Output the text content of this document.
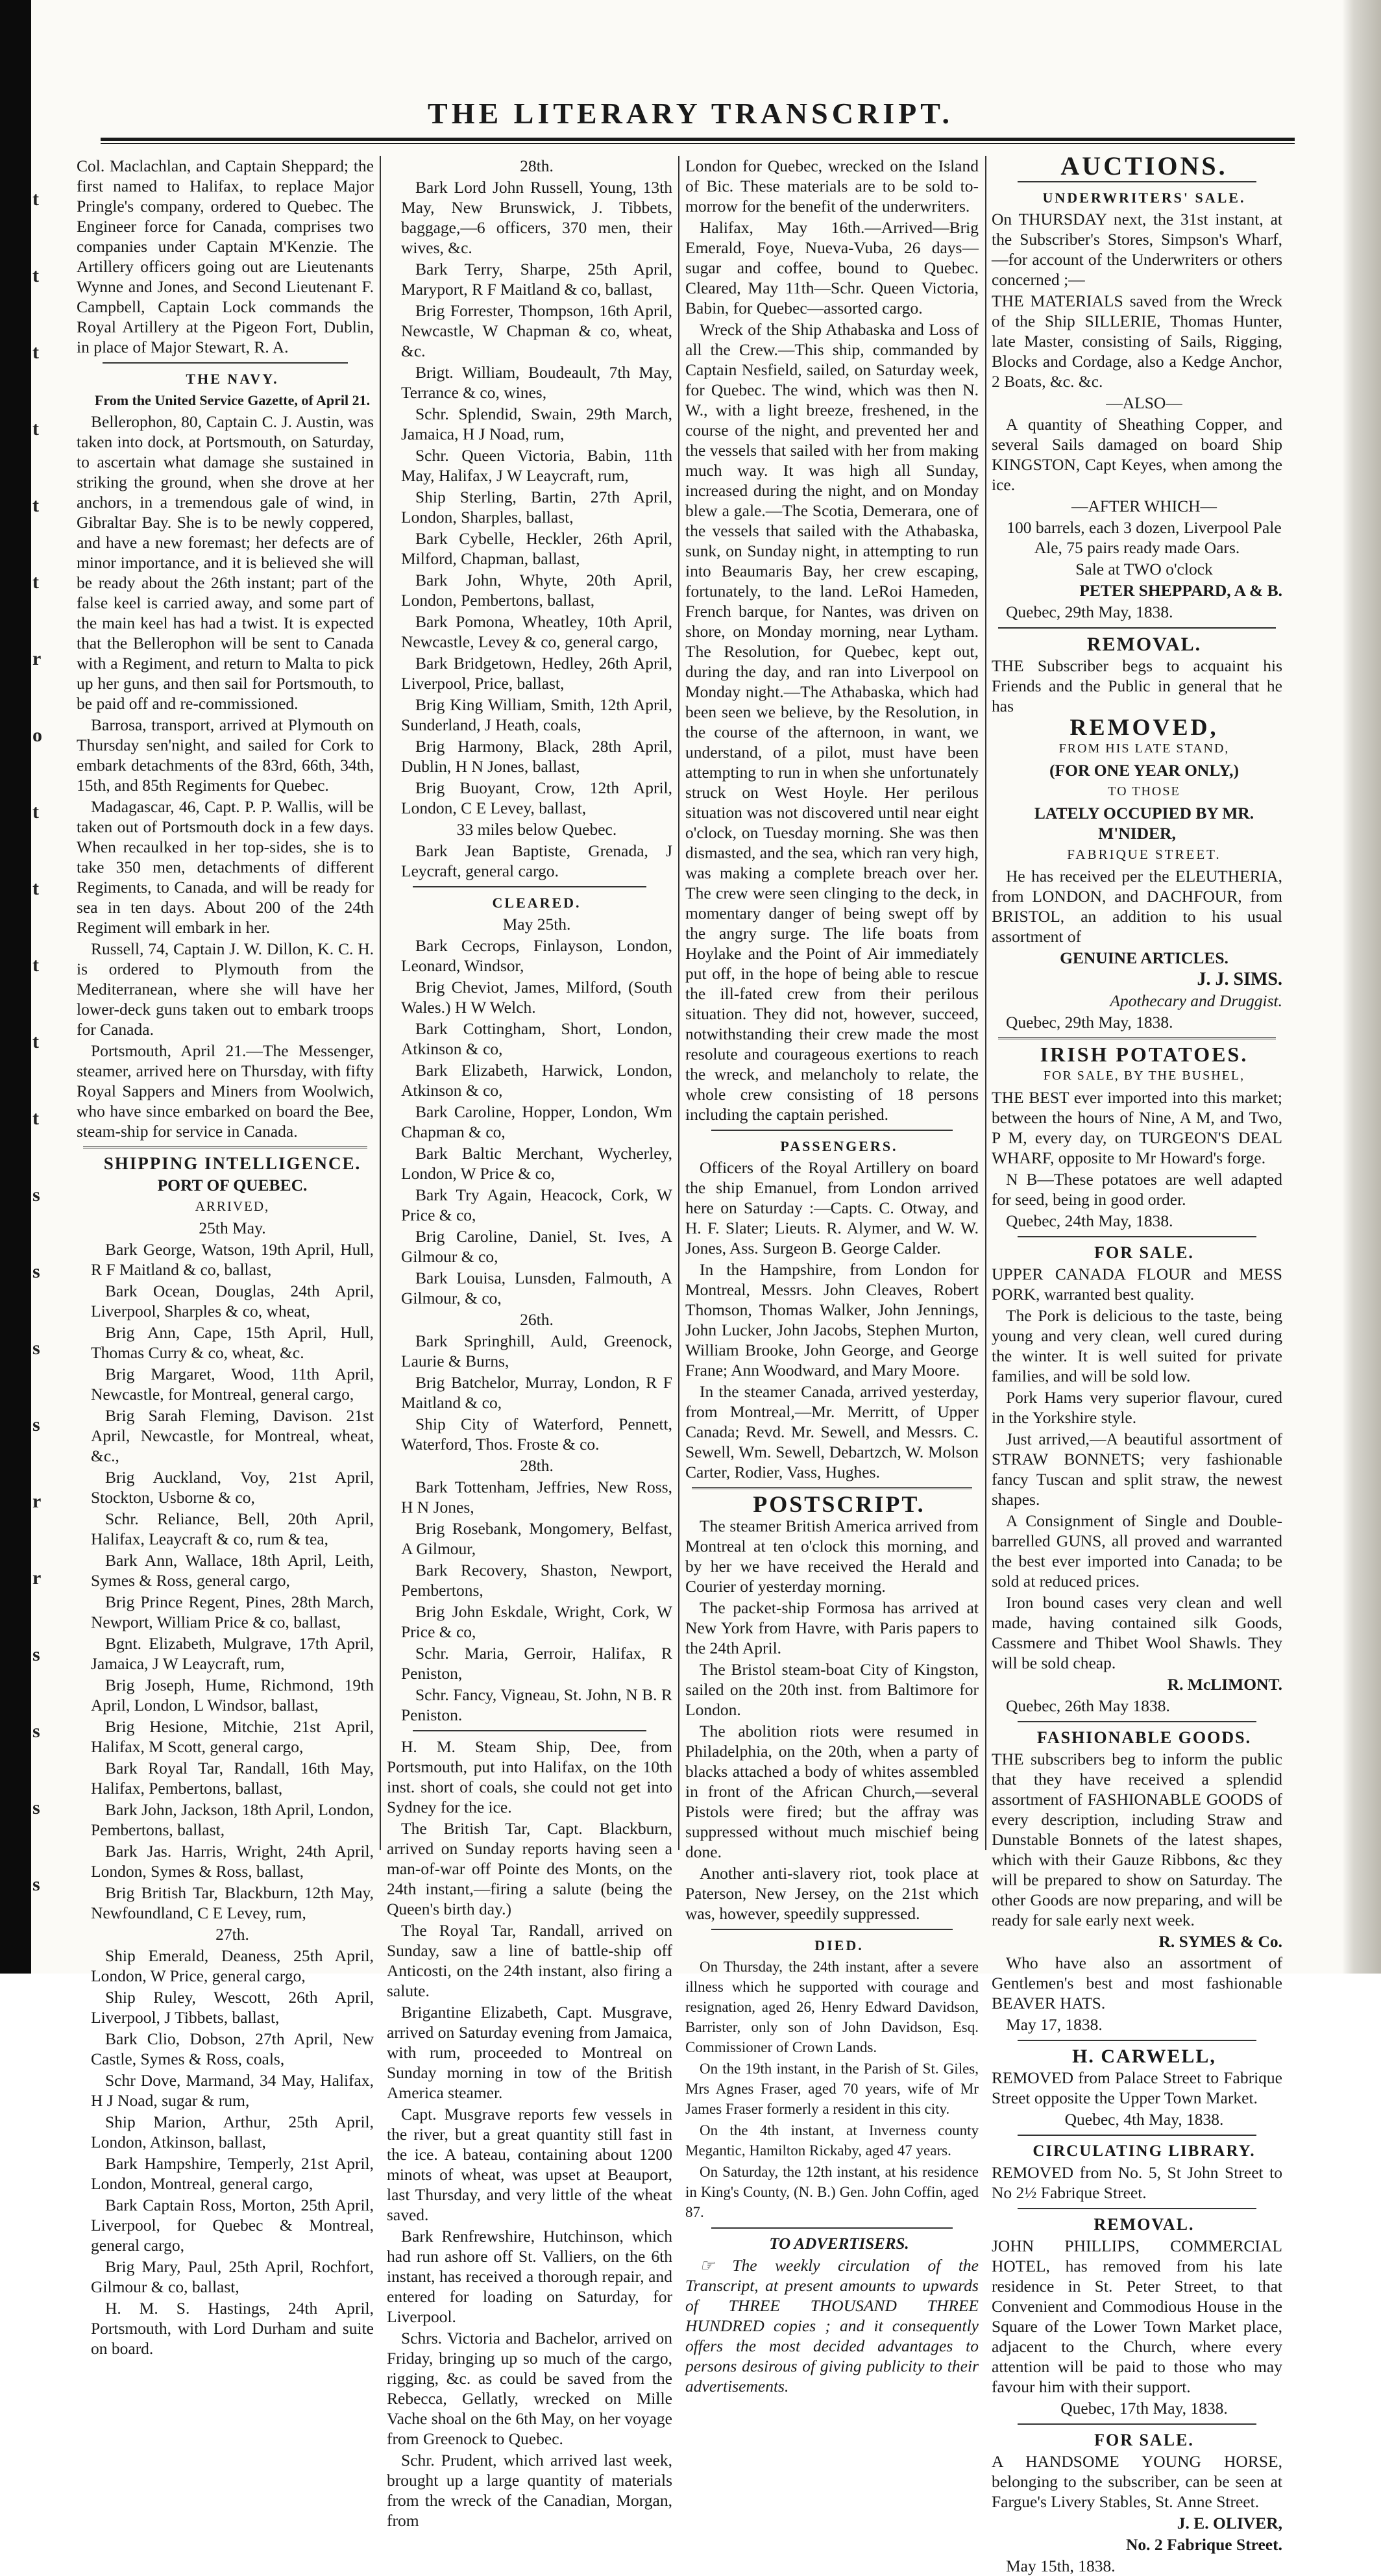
t
t
t
t
t
t
r
o
t
t
t
t
t
s
s
s
s
r
r
s
s
s
s
THE LITERARY TRANSCRIPT.

Col. Maclachlan, and Captain Sheppard; the first named to Halifax, to replace Major Pringle's company, ordered to Quebec. The Engineer force for Canada, comprises two companies under Captain M'Kenzie. The Artillery officers going out are Lieutenants Wynne and Jones, and Second Lieutenant F. Campbell, Captain Lock commands the Royal Artillery at the Pigeon Fort, Dublin, in place of Major Stewart, R. A.

THE NAVY.

From the United Service Gazette, of April 21.

Bellerophon, 80, Captain C. J. Austin, was taken into dock, at Portsmouth, on Saturday, to ascertain what damage she sustained in striking the ground, when she drove at her anchors, in a tremendous gale of wind, in Gibraltar Bay. She is to be newly coppered, and have a new foremast; her defects are of minor importance, and it is believed she will be ready about the 26th instant; part of the false keel is carried away, and some part of the main keel has had a twist. It is expected that the Bellerophon will be sent to Canada with a Regiment, and return to Malta to pick up her guns, and then sail for Portsmouth, to be paid off and re-commissioned.

Barrosa, transport, arrived at Plymouth on Thursday sen'night, and sailed for Cork to embark detachments of the 83rd, 66th, 34th, 15th, and 85th Regiments for Quebec.

Madagascar, 46, Capt. P. P. Wallis, will be taken out of Portsmouth dock in a few days. When recaulked in her top-sides, she is to take 350 men, detachments of different Regiments, to Canada, and will be ready for sea in ten days. About 200 of the 24th Regiment will embark in her.

Russell, 74, Captain J. W. Dillon, K. C. H. is ordered to Plymouth from the Mediterranean, where she will have her lower-deck guns taken out to embark troops for Canada.

Portsmouth, April 21.—The Messenger, steamer, arrived here on Thursday, with fifty Royal Sappers and Miners from Woolwich, who have since embarked on board the Bee, steam-ship for service in Canada.

SHIPPING INTELLIGENCE.

PORT OF QUEBEC.

ARRIVED,

25th May.

Bark George, Watson, 19th April, Hull, R F Maitland & co, ballast,

Bark Ocean, Douglas, 24th April, Liverpool, Sharples & co, wheat,

Brig Ann, Cape, 15th April, Hull, Thomas Curry & co, wheat, &c.

Brig Margaret, Wood, 11th April, Newcastle, for Montreal, general cargo,

Brig Sarah Fleming, Davison. 21st April, Newcastle, for Montreal, wheat, &c.,

Brig Auckland, Voy, 21st April, Stockton, Usborne & co,

Schr. Reliance, Bell, 20th April, Halifax, Leaycraft & co, rum & tea,

Bark Ann, Wallace, 18th April, Leith, Symes & Ross, general cargo,

Brig Prince Regent, Pines, 28th March, Newport, William Price & co, ballast,

Bgnt. Elizabeth, Mulgrave, 17th April, Jamaica, J W Leaycraft, rum,

Brig Joseph, Hume, Richmond, 19th April, London, L Windsor, ballast,

Brig Hesione, Mitchie, 21st April, Halifax, M Scott, general cargo,

Bark Royal Tar, Randall, 16th May, Halifax, Pembertons, ballast,

Bark John, Jackson, 18th April, London, Pembertons, ballast,

Bark Jas. Harris, Wright, 24th April, London, Symes & Ross, ballast,

Brig British Tar, Blackburn, 12th May, Newfoundland, C E Levey, rum,

27th.

Ship Emerald, Deaness, 25th April, London, W Price, general cargo,

Ship Ruley, Wescott, 26th April, Liverpool, J Tibbets, ballast,

Bark Clio, Dobson, 27th April, New Castle, Symes & Ross, coals,

Schr Dove, Marmand, 34 May, Halifax, H J Noad, sugar & rum,

Ship Marion, Arthur, 25th April, London, Atkinson, ballast,

Bark Hampshire, Temperly, 21st April, London, Montreal, general cargo,

Bark Captain Ross, Morton, 25th April, Liverpool, for Quebec & Montreal, general cargo,

Brig Mary, Paul, 25th April, Rochfort, Gilmour & co, ballast,

H. M. S. Hastings, 24th April, Portsmouth, with Lord Durham and suite on board.

28th.

Bark Lord John Russell, Young, 13th May, New Brunswick, J. Tibbets, baggage,—6 officers, 370 men, their wives, &c.

Bark Terry, Sharpe, 25th April, Maryport, R F Maitland & co, ballast,

Brig Forrester, Thompson, 16th April, Newcastle, W Chapman & co, wheat, &c.

Brigt. William, Boudeault, 7th May, Terrance & co, wines,

Schr. Splendid, Swain, 29th March, Jamaica, H J Noad, rum,

Schr. Queen Victoria, Babin, 11th May, Halifax, J W Leaycraft, rum,

Ship Sterling, Bartin, 27th April, London, Sharples, ballast,

Bark Cybelle, Heckler, 26th April, Milford, Chapman, ballast,

Bark John, Whyte, 20th April, London, Pembertons, ballast,

Bark Pomona, Wheatley, 10th April, Newcastle, Levey & co, general cargo,

Bark Bridgetown, Hedley, 26th April, Liverpool, Price, ballast,

Brig King William, Smith, 12th April, Sunderland, J Heath, coals,

Brig Harmony, Black, 28th April, Dublin, H N Jones, ballast,

Brig Buoyant, Crow, 12th April, London, C E Levey, ballast,

33 miles below Quebec.

Bark Jean Baptiste, Grenada, J Leycraft, general cargo.

CLEARED.

May 25th.

Bark Cecrops, Finlayson, London, Leonard, Windsor,

Brig Cheviot, James, Milford, (South Wales.) H W Welch.

Bark Cottingham, Short, London, Atkinson & co,

Bark Elizabeth, Harwick, London, Atkinson & co,

Bark Caroline, Hopper, London, Wm Chapman & co,

Bark Baltic Merchant, Wycherley, London, W Price & co,

Bark Try Again, Heacock, Cork, W Price & co,

Brig Caroline, Daniel, St. Ives, A Gilmour & co,

Bark Louisa, Lunsden, Falmouth, A Gilmour, & co,

26th.

Bark Springhill, Auld, Greenock, Laurie & Burns,

Brig Batchelor, Murray, London, R F Maitland & co,

Ship City of Waterford, Pennett, Waterford, Thos. Froste & co.

28th.

Bark Tottenham, Jeffries, New Ross, H N Jones,

Brig Rosebank, Mongomery, Belfast, A Gilmour,

Bark Recovery, Shaston, Newport, Pembertons,

Brig John Eskdale, Wright, Cork, W Price & co,

Schr. Maria, Gerroir, Halifax, R Peniston,

Schr. Fancy, Vigneau, St. John, N B. R Peniston.

H. M. Steam Ship, Dee, from Portsmouth, put into Halifax, on the 10th inst. short of coals, she could not get into Sydney for the ice.

The British Tar, Capt. Blackburn, arrived on Sunday reports having seen a man-of-war off Pointe des Monts, on the 24th instant,—firing a salute (being the Queen's birth day.)

The Royal Tar, Randall, arrived on Sunday, saw a line of battle-ship off Anticosti, on the 24th instant, also firing a salute.

Brigantine Elizabeth, Capt. Musgrave, arrived on Saturday evening from Jamaica, with rum, proceeded to Montreal on Sunday morning in tow of the British America steamer.

Capt. Musgrave reports few vessels in the river, but a great quantity still fast in the ice. A bateau, containing about 1200 minots of wheat, was upset at Beauport, last Thursday, and very little of the wheat saved.

Bark Renfrewshire, Hutchinson, which had run ashore off St. Valliers, on the 6th instant, has received a thorough repair, and entered for loading on Saturday, for Liverpool.

Schrs. Victoria and Bachelor, arrived on Friday, bringing up so much of the cargo, rigging, &c. as could be saved from the Rebecca, Gellatly, wrecked on Mille Vache shoal on the 6th May, on her voyage from Greenock to Quebec.

Schr. Prudent, which arrived last week, brought up a large quantity of materials from the wreck of the Canadian, Morgan, from

London for Quebec, wrecked on the Island of Bic. These materials are to be sold to-morrow for the benefit of the underwriters.

Halifax, May 16th.—Arrived—Brig Emerald, Foye, Nueva-Vuba, 26 days—sugar and coffee, bound to Quebec. Cleared, May 11th—Schr. Queen Victoria, Babin, for Quebec—assorted cargo.

Wreck of the Ship Athabaska and Loss of all the Crew.—This ship, commanded by Captain Nesfield, sailed, on Saturday week, for Quebec. The wind, which was then N. W., with a light breeze, freshened, in the course of the night, and prevented her and the vessels that sailed with her from making much way. It was high all Sunday, increased during the night, and on Monday blew a gale.—The Scotia, Demerara, one of the vessels that sailed with the Athabaska, sunk, on Sunday night, in attempting to run into Beaumaris Bay, her crew escaping, fortunately, to the land. LeRoi Hameden, French barque, for Nantes, was driven on shore, on Monday morning, near Lytham. The Resolution, for Quebec, kept out, during the day, and ran into Liverpool on Monday night.—The Athabaska, which had been seen we believe, by the Resolution, in the course of the afternoon, in want, we understand, of a pilot, must have been attempting to run in when she unfortunately struck on West Hoyle. Her perilous situation was not discovered until near eight o'clock, on Tuesday morning. She was then dismasted, and the sea, which ran very high, was making a complete breach over her. The crew were seen clinging to the deck, in momentary danger of being swept off by the angry surge. The life boats from Hoylake and the Point of Air immediately put off, in the hope of being able to rescue the ill-fated crew from their perilous situation. They did not, however, succeed, notwithstanding their crew made the most resolute and courageous exertions to reach the wreck, and melancholy to relate, the whole crew consisting of 18 persons including the captain perished.

PASSENGERS.

Officers of the Royal Artillery on board the ship Emanuel, from London arrived here on Saturday :—Capts. C. Otway, and H. F. Slater; Lieuts. R. Alymer, and W. W. Jones, Ass. Surgeon B. George Calder.

In the Hampshire, from London for Montreal, Messrs. John Cleaves, Robert Thomson, Thomas Walker, John Jennings, John Lucker, John Jacobs, Stephen Murton, William Brooke, John George, and George Frane; Ann Woodward, and Mary Moore.

In the steamer Canada, arrived yesterday, from Montreal,—Mr. Merritt, of Upper Canada; Revd. Mr. Sewell, and Messrs. C. Sewell, Wm. Sewell, Debartzch, W. Molson Carter, Rodier, Vass, Hughes.

POSTSCRIPT.

The steamer British America arrived from Montreal at ten o'clock this morning, and by her we have received the Herald and Courier of yesterday morning.

The packet-ship Formosa has arrived at New York from Havre, with Paris papers to the 24th April.

The Bristol steam-boat City of Kingston, sailed on the 20th inst. from Baltimore for London.

The abolition riots were resumed in Philadelphia, on the 20th, when a party of blacks attached a body of whites assembled in front of the African Church,—several Pistols were fired; but the affray was suppressed without much mischief being done.

Another anti-slavery riot, took place at Paterson, New Jersey, on the 21st which was, however, speedily suppressed.

DIED.

On Thursday, the 24th instant, after a severe illness which he supported with courage and resignation, aged 26, Henry Edward Davidson, Barrister, only son of John Davidson, Esq. Commissioner of Crown Lands.

On the 19th instant, in the Parish of St. Giles, Mrs Agnes Fraser, aged 70 years, wife of Mr James Fraser formerly a resident in this city.

On the 4th instant, at Inverness county Megantic, Hamilton Rickaby, aged 47 years.

On Saturday, the 12th instant, at his residence in King's County, (N. B.) Gen. John Coffin, aged 87.

TO ADVERTISERS.

☞ The weekly circulation of the Transcript, at present amounts to upwards of THREE THOUSAND THREE HUNDRED copies ; and it consequently offers the most decided advantages to persons desirous of giving publicity to their advertisements.

AUCTIONS.

UNDERWRITERS' SALE.

On THURSDAY next, the 31st instant, at the Subscriber's Stores, Simpson's Wharf,—for account of the Underwriters or others concerned ;—

THE MATERIALS saved from the Wreck of the Ship SILLERIE, Thomas Hunter, late Master, consisting of Sails, Rigging, Blocks and Cordage, also a Kedge Anchor, 2 Boats, &c. &c.

—ALSO—

A quantity of Sheathing Copper, and several Sails damaged on board Ship KINGSTON, Capt Keyes, when among the ice.

—AFTER WHICH—

100 barrels, each 3 dozen, Liverpool Pale Ale, 75 pairs ready made Oars.

Sale at TWO o'clock

PETER SHEPPARD, A & B.

Quebec, 29th May, 1838.

REMOVAL.

THE Subscriber begs to acquaint his Friends and the Public in general that he has

REMOVED,

FROM HIS LATE STAND,

(FOR ONE YEAR ONLY,)

TO THOSE

LATELY OCCUPIED BY MR. M'NIDER,

FABRIQUE STREET.

He has received per the ELEUTHERIA, from LONDON, and DACHFOUR, from BRISTOL, an addition to his usual assortment of

GENUINE ARTICLES.

J. J. SIMS.

Apothecary and Druggist.

Quebec, 29th May, 1838.

IRISH POTATOES.

FOR SALE, BY THE BUSHEL,

THE BEST ever imported into this market; between the hours of Nine, A M, and Two, P M, every day, on TURGEON'S DEAL WHARF, opposite to Mr Howard's forge.

N B—These potatoes are well adapted for seed, being in good order.

Quebec, 24th May, 1838.

FOR SALE.

UPPER CANADA FLOUR and MESS PORK, warranted best quality.

The Pork is delicious to the taste, being young and very clean, well cured during the winter. It is well suited for private families, and will be sold low.

Pork Hams very superior flavour, cured in the Yorkshire style.

Just arrived,—A beautiful assortment of STRAW BONNETS; very fashionable fancy Tuscan and split straw, the newest shapes.

A Consignment of Single and Double-barrelled GUNS, all proved and warranted the best ever imported into Canada; to be sold at reduced prices.

Iron bound cases very clean and well made, having contained silk Goods, Cassmere and Thibet Wool Shawls. They will be sold cheap.

R. McLIMONT.

Quebec, 26th May 1838.

FASHIONABLE GOODS.

THE subscribers beg to inform the public that they have received a splendid assortment of FASHIONABLE GOODS of every description, including Straw and Dunstable Bonnets of the latest shapes, which with their Gauze Ribbons, &c they will be prepared to show on Saturday. The other Goods are now preparing, and will be ready for sale early next week.

R. SYMES & Co.

Who have also an assortment of Gentlemen's best and most fashionable BEAVER HATS.

May 17, 1838.

H. CARWELL,

REMOVED from Palace Street to Fabrique Street opposite the Upper Town Market.

Quebec, 4th May, 1838.

CIRCULATING LIBRARY.

REMOVED from No. 5, St John Street to No 2½ Fabrique Street.

REMOVAL.

JOHN PHILLIPS, COMMERCIAL HOTEL, has removed from his late residence in St. Peter Street, to that Convenient and Commodious House in the Square of the Lower Town Market place, adjacent to the Church, where every attention will be paid to those who may favour him with their support.

Quebec, 17th May, 1838.

FOR SALE.

A HANDSOME YOUNG HORSE, belonging to the subscriber, can be seen at Fargue's Livery Stables, St. Anne Street.

J. E. OLIVER,

No. 2 Fabrique Street.

May 15th, 1838.
